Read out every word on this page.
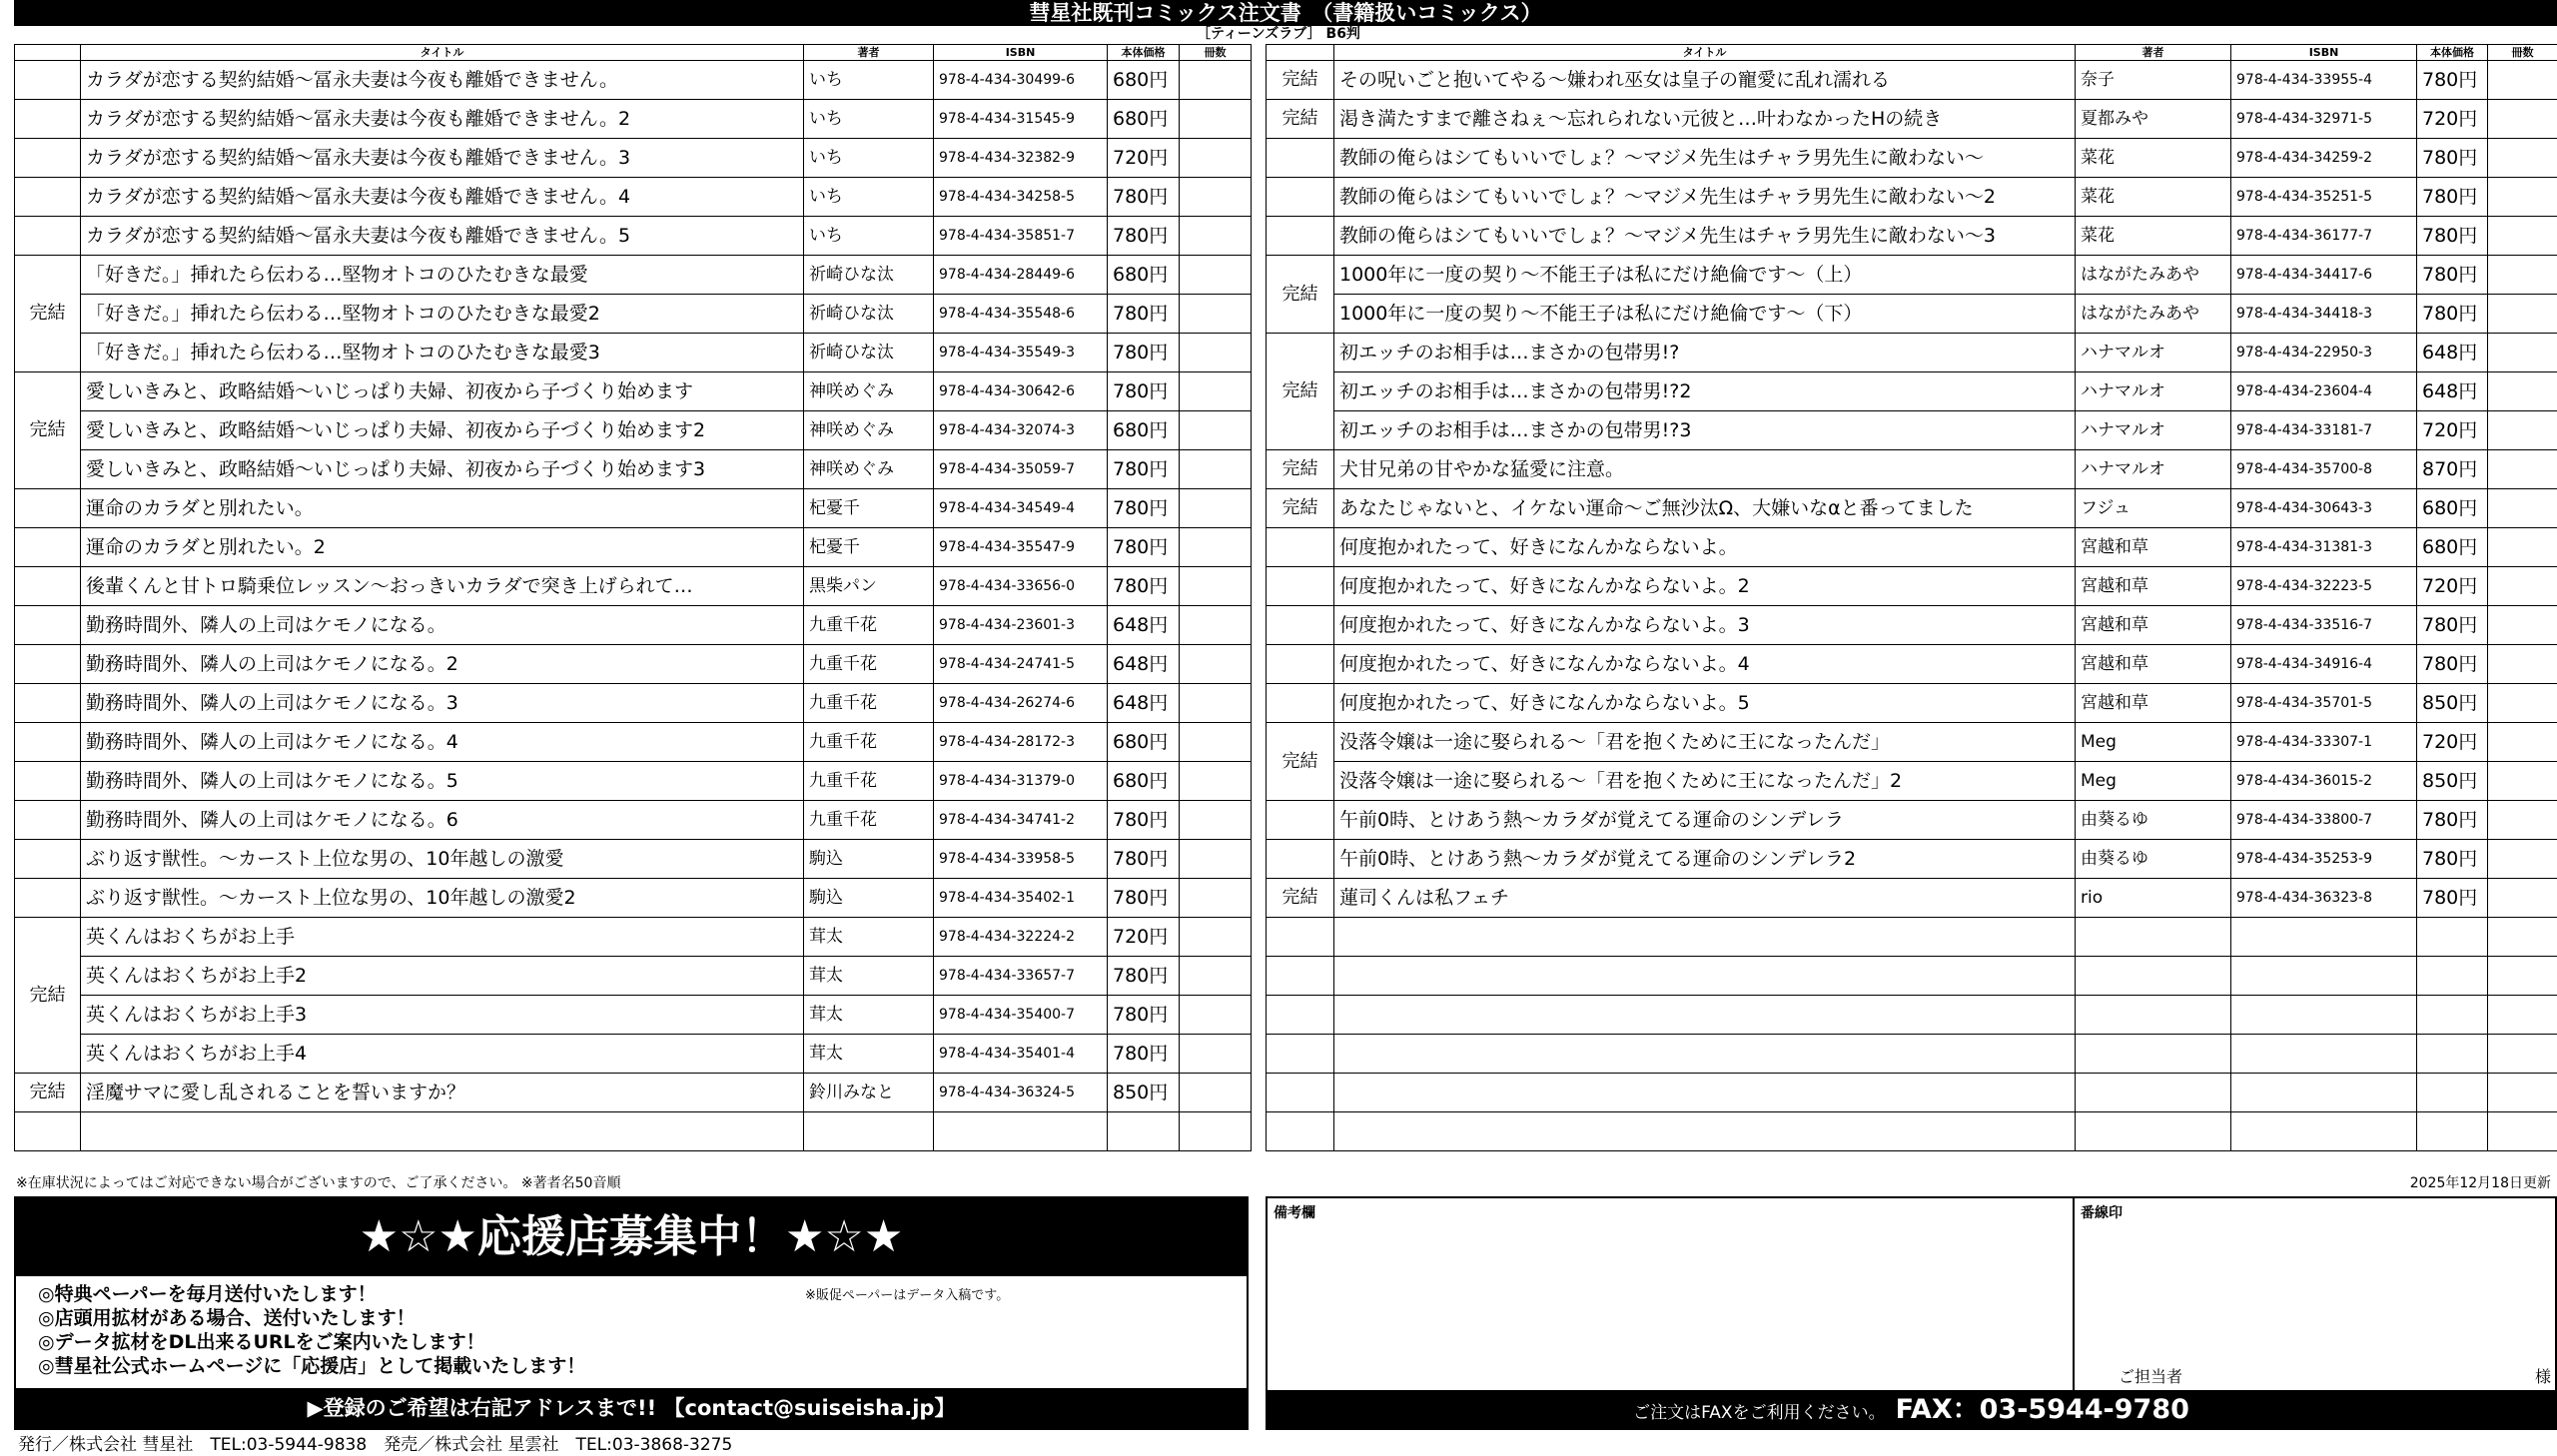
彗星社既刊コミックス注文書　（書籍扱いコミックス）
［ティーンズラブ］ B6判
	タイトル	著者	ISBN	本体価格	冊数
	カラダが恋する契約結婚〜冨永夫妻は今夜も離婚できません。	いち	978-4-434-30499-6	680円	
	カラダが恋する契約結婚〜冨永夫妻は今夜も離婚できません。2	いち	978-4-434-31545-9	680円	
	カラダが恋する契約結婚〜冨永夫妻は今夜も離婚できません。3	いち	978-4-434-32382-9	720円	
	カラダが恋する契約結婚〜冨永夫妻は今夜も離婚できません。4	いち	978-4-434-34258-5	780円	
	カラダが恋する契約結婚〜冨永夫妻は今夜も離婚できません。5	いち	978-4-434-35851-7	780円	
完結	「好きだ。」挿れたら伝わる…堅物オトコのひたむきな最愛	祈崎ひな汰	978-4-434-28449-6	680円	
	「好きだ。」挿れたら伝わる…堅物オトコのひたむきな最愛2	祈崎ひな汰	978-4-434-35548-6	780円	
	「好きだ。」挿れたら伝わる…堅物オトコのひたむきな最愛3	祈崎ひな汰	978-4-434-35549-3	780円	
完結	愛しいきみと、政略結婚〜いじっぱり夫婦、初夜から子づくり始めます	神咲めぐみ	978-4-434-30642-6	780円	
	愛しいきみと、政略結婚〜いじっぱり夫婦、初夜から子づくり始めます2	神咲めぐみ	978-4-434-32074-3	680円	
	愛しいきみと、政略結婚〜いじっぱり夫婦、初夜から子づくり始めます3	神咲めぐみ	978-4-434-35059-7	780円	
	運命のカラダと別れたい。	杞憂千	978-4-434-34549-4	780円	
	運命のカラダと別れたい。2	杞憂千	978-4-434-35547-9	780円	
	後輩くんと甘トロ騎乗位レッスン〜おっきいカラダで突き上げられて…	黒柴パン	978-4-434-33656-0	780円	
	勤務時間外、隣人の上司はケモノになる。	九重千花	978-4-434-23601-3	648円	
	勤務時間外、隣人の上司はケモノになる。2	九重千花	978-4-434-24741-5	648円	
	勤務時間外、隣人の上司はケモノになる。3	九重千花	978-4-434-26274-6	648円	
	勤務時間外、隣人の上司はケモノになる。4	九重千花	978-4-434-28172-3	680円	
	勤務時間外、隣人の上司はケモノになる。5	九重千花	978-4-434-31379-0	680円	
	勤務時間外、隣人の上司はケモノになる。6	九重千花	978-4-434-34741-2	780円	
	ぶり返す獣性。〜カースト上位な男の、10年越しの激愛	駒込	978-4-434-33958-5	780円	
	ぶり返す獣性。〜カースト上位な男の、10年越しの激愛2	駒込	978-4-434-35402-1	780円	
完結	英くんはおくちがお上手	茸太	978-4-434-32224-2	720円	
	英くんはおくちがお上手2	茸太	978-4-434-33657-7	780円	
	英くんはおくちがお上手3	茸太	978-4-434-35400-7	780円	
	英くんはおくちがお上手4	茸太	978-4-434-35401-4	780円	
完結	淫魔サマに愛し乱されることを誓いますか？	鈴川みなと	978-4-434-36324-5	850円	

	タイトル	著者	ISBN	本体価格	冊数
完結	その呪いごと抱いてやる〜嫌われ巫女は皇子の寵愛に乱れ濡れる	奈子	978-4-434-33955-4	780円	
完結	渇き満たすまで離さねぇ〜忘れられない元彼と…叶わなかったHの続き	夏都みや	978-4-434-32971-5	720円	
	教師の俺らはシてもいいでしょ？〜マジメ先生はチャラ男先生に敵わない〜	菜花	978-4-434-34259-2	780円	
	教師の俺らはシてもいいでしょ？〜マジメ先生はチャラ男先生に敵わない〜2	菜花	978-4-434-35251-5	780円	
	教師の俺らはシてもいいでしょ？〜マジメ先生はチャラ男先生に敵わない〜3	菜花	978-4-434-36177-7	780円	
完結	1000年に一度の契り〜不能王子は私にだけ絶倫です〜（上）	はながたみあや	978-4-434-34417-6	780円	
	1000年に一度の契り〜不能王子は私にだけ絶倫です〜（下）	はながたみあや	978-4-434-34418-3	780円	
完結	初エッチのお相手は…まさかの包帯男!?	ハナマルオ	978-4-434-22950-3	648円	
	初エッチのお相手は…まさかの包帯男!?2	ハナマルオ	978-4-434-23604-4	648円	
	初エッチのお相手は…まさかの包帯男!?3	ハナマルオ	978-4-434-33181-7	720円	
完結	犬甘兄弟の甘やかな猛愛に注意。	ハナマルオ	978-4-434-35700-8	870円	
完結	あなたじゃないと、イケない運命〜ご無沙汰Ω、大嫌いなαと番ってました	フジュ	978-4-434-30643-3	680円	
	何度抱かれたって、好きになんかならないよ。	宮越和草	978-4-434-31381-3	680円	
	何度抱かれたって、好きになんかならないよ。2	宮越和草	978-4-434-32223-5	720円	
	何度抱かれたって、好きになんかならないよ。3	宮越和草	978-4-434-33516-7	780円	
	何度抱かれたって、好きになんかならないよ。4	宮越和草	978-4-434-34916-4	780円	
	何度抱かれたって、好きになんかならないよ。5	宮越和草	978-4-434-35701-5	850円	
完結	没落令嬢は一途に娶られる〜「君を抱くために王になったんだ」	Meg	978-4-434-33307-1	720円	
	没落令嬢は一途に娶られる〜「君を抱くために王になったんだ」2	Meg	978-4-434-36015-2	850円	
	午前0時、とけあう熱〜カラダが覚えてる運命のシンデレラ	由葵るゆ	978-4-434-33800-7	780円	
	午前0時、とけあう熱〜カラダが覚えてる運命のシンデレラ2	由葵るゆ	978-4-434-35253-9	780円	
完結	蓮司くんは私フェチ	rio	978-4-434-36323-8	780円	

※在庫状況によってはご対応できない場合がございますので、ご了承ください。 ※著者名50音順	2025年12月18日更新
★☆★応援店募集中！★☆★
◎特典ペーパーを毎月送付いたします！
◎店頭用拡材がある場合、送付いたします！
◎データ拡材をDL出来るURLをご案内いたします！
◎彗星社公式ホームページに「応援店」として掲載いたします！
※販促ペーパーはデータ入稿です。
▶登録のご希望は右記アドレスまで!! 【contact@suiseisha.jp】
備考欄	番線印
ご担当者	様
ご注文はFAXをご利用ください。 FAX：03-5944-9780
発行／株式会社 彗星社　TEL:03-5944-9838　発売／株式会社 星雲社　TEL:03-3868-3275
